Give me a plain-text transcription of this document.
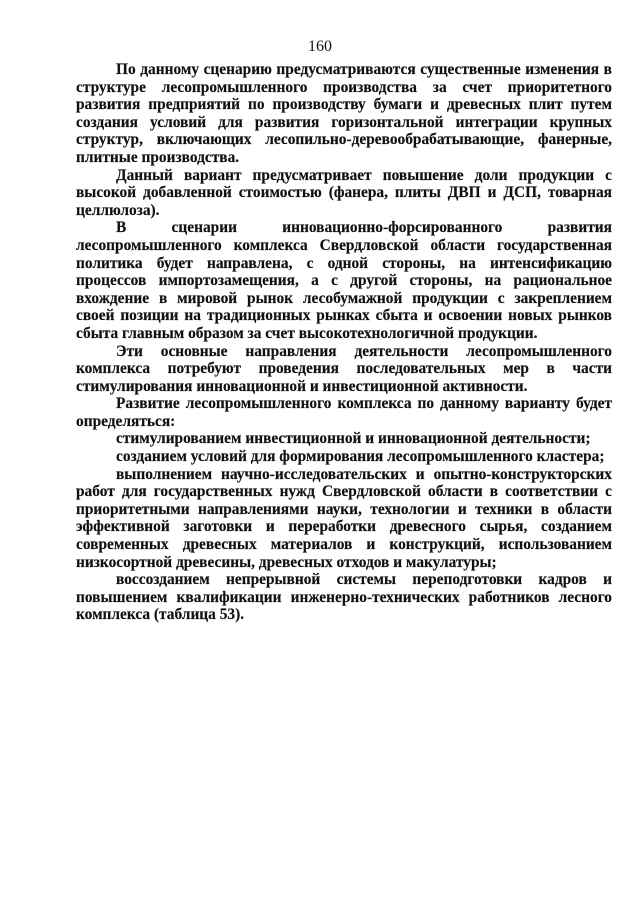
160

По данному сценарию предусматриваются существенные изменения в структуре лесопромышленного производства за счет приоритетного развития предприятий по производству бумаги и древесных плит путем создания условий для развития горизонтальной интеграции крупных структур, включающих лесопильно-деревообрабатывающие, фанерные, плитные производства.

Данный вариант предусматривает повышение доли продукции с высокой добавленной стоимостью (фанера, плиты ДВП и ДСП, товарная целлюлоза).

В сценарии инновационно-форсированного развития лесопромышленного комплекса Свердловской области государственная политика будет направлена, с одной стороны, на интенсификацию процессов импортозамещения, а с другой стороны, на рациональное вхождение в мировой рынок лесобумажной продукции с закреплением своей позиции на традиционных рынках сбыта и освоении новых рынков сбыта главным образом за счет высокотехнологичной продукции.

Эти основные направления деятельности лесопромышленного комплекса потребуют проведения последовательных мер в части стимулирования инновационной и инвестиционной активности.

Развитие лесопромышленного комплекса по данному варианту будет определяться:

стимулированием инвестиционной и инновационной деятельности;

созданием условий для формирования лесопромышленного кластера;

выполнением научно-исследовательских и опытно-конструкторских работ для государственных нужд Свердловской области в соответствии с приоритетными направлениями науки, технологии и техники в области эффективной заготовки и переработки древесного сырья, созданием современных древесных материалов и конструкций, использованием низкосортной древесины, древесных отходов и макулатуры;

воссозданием непрерывной системы переподготовки кадров и повышением квалификации инженерно-технических работников лесного комплекса (таблица 53).
